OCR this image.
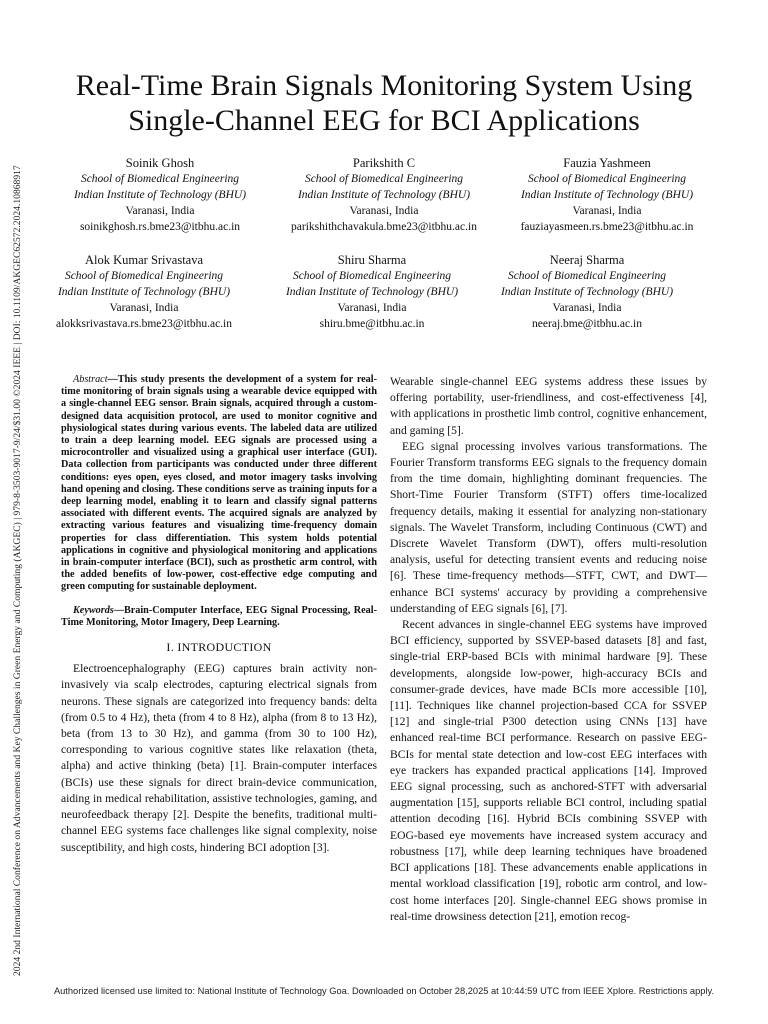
2024 2nd International Conference on Advancements and Key Challenges in Green Energy and Computing (AKGEC) | 979-8-3503-9017-9/24/$31.00 ©2024 IEEE | DOI: 10.1109/AKGEC62572.2024.10868917
Real-Time Brain Signals Monitoring System Using
Single-Channel EEG for BCI Applications
Soinik Ghosh
School of Biomedical Engineering
Indian Institute of Technology (BHU)
Varanasi, India
soinikghosh.rs.bme23@itbhu.ac.in
Parikshith C
School of Biomedical Engineering
Indian Institute of Technology (BHU)
Varanasi, India
parikshithchavakula.bme23@itbhu.ac.in
Fauzia Yashmeen
School of Biomedical Engineering
Indian Institute of Technology (BHU)
Varanasi, India
fauziayasmeen.rs.bme23@itbhu.ac.in
Alok Kumar Srivastava
School of Biomedical Engineering
Indian Institute of Technology (BHU)
Varanasi, India
alokksrivastava.rs.bme23@itbhu.ac.in
Shiru Sharma
School of Biomedical Engineering
Indian Institute of Technology (BHU)
Varanasi, India
shiru.bme@itbhu.ac.in
Neeraj Sharma
School of Biomedical Engineering
Indian Institute of Technology (BHU)
Varanasi, India
neeraj.bme@itbhu.ac.in

Abstract—This study presents the development of a system for real-time monitoring of brain signals using a wearable device equipped with a single-channel EEG sensor. Brain signals, acquired through a custom-designed data acquisition protocol, are used to monitor cognitive and physiological states during various events. The labeled data are utilized to train a deep learning model. EEG signals are processed using a microcontroller and visualized using a graphical user interface (GUI). Data collection from participants was conducted under three different conditions: eyes open, eyes closed, and motor imagery tasks involving hand opening and closing. These conditions serve as training inputs for a deep learning model, enabling it to learn and classify signal patterns associated with different events. The acquired signals are analyzed by extracting various features and visualizing time-frequency domain properties for class differentiation. This system holds potential applications in cognitive and physiological monitoring and applications in brain-computer interface (BCI), such as prosthetic arm control, with the added benefits of low-power, cost-effective edge computing and green computing for sustainable deployment.

Keywords—Brain-Computer Interface, EEG Signal Processing, Real-Time Monitoring, Motor Imagery, Deep Learning.

I. INTRODUCTION

Electroencephalography (EEG) captures brain activity non-invasively via scalp electrodes, capturing electrical signals from neurons. These signals are categorized into frequency bands: delta (from 0.5 to 4 Hz), theta (from 4 to 8 Hz), alpha (from 8 to 13 Hz), beta (from 13 to 30 Hz), and gamma (from 30 to 100 Hz), corresponding to various cognitive states like relaxation (theta, alpha) and active thinking (beta) [1]. Brain-computer interfaces (BCIs) use these signals for direct brain-device communication, aiding in medical rehabilitation, assistive technologies, gaming, and neurofeedback therapy [2]. Despite the benefits, traditional multi-channel EEG systems face challenges like signal complexity, noise susceptibility, and high costs, hindering BCI adoption [3].

Wearable single-channel EEG systems address these issues by offering portability, user-friendliness, and cost-effectiveness [4], with applications in prosthetic limb control, cognitive enhancement, and gaming [5].

EEG signal processing involves various transformations. The Fourier Transform transforms EEG signals to the frequency domain from the time domain, highlighting dominant frequencies. The Short-Time Fourier Transform (STFT) offers time-localized frequency details, making it essential for analyzing non-stationary signals. The Wavelet Transform, including Continuous (CWT) and Discrete Wavelet Transform (DWT), offers multi-resolution analysis, useful for detecting transient events and reducing noise [6]. These time-frequency methods—STFT, CWT, and DWT—enhance BCI systems' accuracy by providing a comprehensive understanding of EEG signals [6], [7].

Recent advances in single-channel EEG systems have improved BCI efficiency, supported by SSVEP-based datasets [8] and fast, single-trial ERP-based BCIs with minimal hardware [9]. These developments, alongside low-power, high-accuracy BCIs and consumer-grade devices, have made BCIs more accessible [10], [11]. Techniques like channel projection-based CCA for SSVEP [12] and single-trial P300 detection using CNNs [13] have enhanced real-time BCI performance. Research on passive EEG-BCIs for mental state detection and low-cost EEG interfaces with eye trackers has expanded practical applications [14]. Improved EEG signal processing, such as anchored-STFT with adversarial augmentation [15], supports reliable BCI control, including spatial attention decoding [16]. Hybrid BCIs combining SSVEP with EOG-based eye movements have increased system accuracy and robustness [17], while deep learning techniques have broadened BCI applications [18]. These advancements enable applications in mental workload classification [19], robotic arm control, and low-cost home interfaces [20]. Single-channel EEG shows promise in real-time drowsiness detection [21], emotion recog-

Authorized licensed use limited to: National Institute of Technology Goa. Downloaded on October 28,2025 at 10:44:59 UTC from IEEE Xplore. Restrictions apply.
